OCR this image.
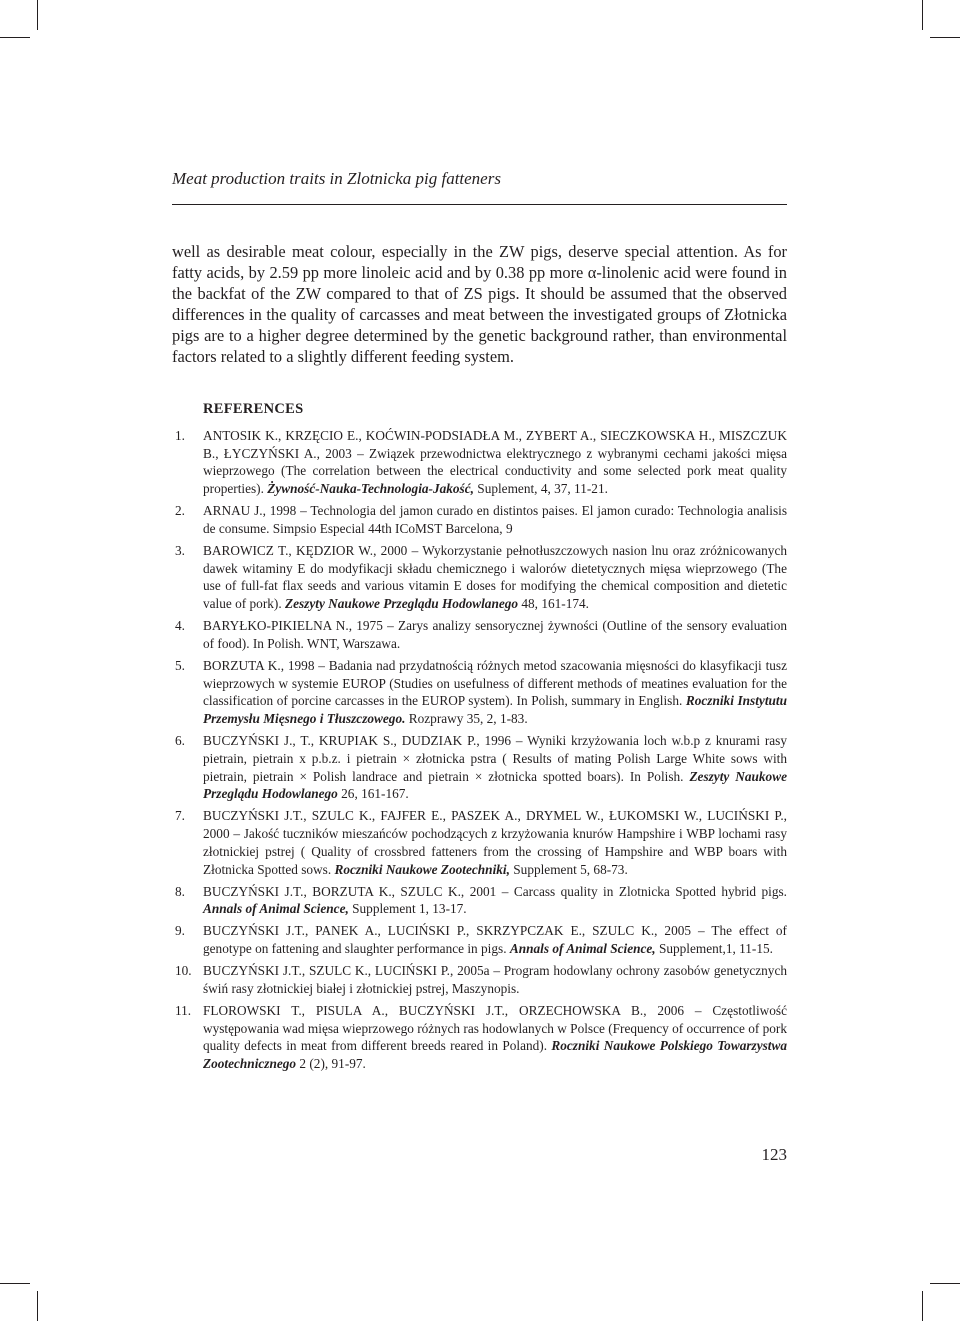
Meat production traits in Zlotnicka pig fatteners

well as desirable meat colour, especially in the ZW pigs, deserve special attention. As for fatty acids, by 2.59 pp more linoleic acid and by 0.38 pp more α-linolenic acid were found in the backfat of the ZW compared to that of ZS pigs. It should be assumed that the observed differences in the quality of carcasses and meat between the investigated groups of Złotnicka pigs are to a higher degree determined by the genetic background rather, than environmental factors related to a slightly different feeding system.

REFERENCES
1. ANTOSIK K., KRZĘCIO E., KOĆWIN-PODSIADŁA M., ZYBERT A., SIECZKOWSKA H., MISZCZUK B., ŁYCZYŃSKI A., 2003 – Związek przewodnictwa elektrycznego z wybranymi cechami jakości mięsa wieprzowego (The correlation between the electrical conductivity and some selected pork meat quality properties). Żywność-Nauka-Technologia-Jakość, Suplement, 4, 37, 11-21.
2. ARNAU J., 1998 – Technologia del jamon curado en distintos paises. El jamon curado: Technologia analisis de consume. Simpsio Especial 44th ICoMST Barcelona, 9
3. BAROWICZ T., KĘDZIOR W., 2000 – Wykorzystanie pełnotłuszczowych nasion lnu oraz zróżnicowanych dawek witaminy E do modyfikacji składu chemicznego i walorów dietetycznych mięsa wieprzowego (The use of full-fat flax seeds and various vitamin E doses for modifying the chemical composition and dietetic value of pork). Zeszyty Naukowe Przeglądu Hodowlanego 48, 161-174.
4. BARYŁKO-PIKIELNA N., 1975 – Zarys analizy sensorycznej żywności (Outline of the sensory evaluation of food). In Polish. WNT, Warszawa.
5. BORZUTA K., 1998 – Badania nad przydatnością różnych metod szacowania mięsności do klasyfikacji tusz wieprzowych w systemie EUROP (Studies on usefulness of different methods of meatines evaluation for the classification of porcine carcasses in the EUROP system). In Polish, summary in English. Roczniki Instytutu Przemysłu Mięsnego i Tłuszczowego. Rozprawy 35, 2, 1-83.
6. BUCZYŃSKI J., T., KRUPIAK S., DUDZIAK P., 1996 – Wyniki krzyżowania loch w.b.p z knurami rasy pietrain, pietrain x p.b.z. i pietrain × złotnicka pstra ( Results of mating Polish Large White sows with pietrain, pietrain × Polish landrace and pietrain × złotnicka spotted boars). In Polish. Zeszyty Naukowe Przeglądu Hodowlanego 26, 161-167.
7. BUCZYŃSKI J.T., SZULC K., FAJFER E., PASZEK A., DRYMEL W., ŁUKOMSKI W., LUCIŃSKI P., 2000 – Jakość tuczników mieszańców pochodzących z krzyżowania knurów Hampshire i WBP lochami rasy złotnickiej pstrej ( Quality of crossbred fatteners from the crossing of Hampshire and WBP boars with Złotnicka Spotted sows. Roczniki Naukowe Zootechniki, Supplement 5, 68-73.
8. BUCZYŃSKI J.T., BORZUTA K., SZULC K., 2001 – Carcass quality in Zlotnicka Spotted hybrid pigs. Annals of Animal Science, Supplement 1, 13-17.
9. BUCZYŃSKI J.T., PANEK A., LUCIŃSKI P., SKRZYPCZAK E., SZULC K., 2005 – The effect of genotype on fattening and slaughter performance in pigs. Annals of Animal Science, Supplement,1, 11-15.
10. BUCZYŃSKI J.T., SZULC K., LUCIŃSKI P., 2005a – Program hodowlany ochrony zasobów genetycznych świń rasy złotnickiej białej i złotnickiej pstrej, Maszynopis.
11. FLOROWSKI T., PISULA A., BUCZYŃSKI J.T., ORZECHOWSKA B., 2006 – Częstotliwość występowania wad mięsa wieprzowego różnych ras hodowlanych w Polsce (Frequency of occurrence of pork quality defects in meat from different breeds reared in Poland). Roczniki Naukowe Polskiego Towarzystwa Zootechnicznego 2 (2), 91-97.
123
